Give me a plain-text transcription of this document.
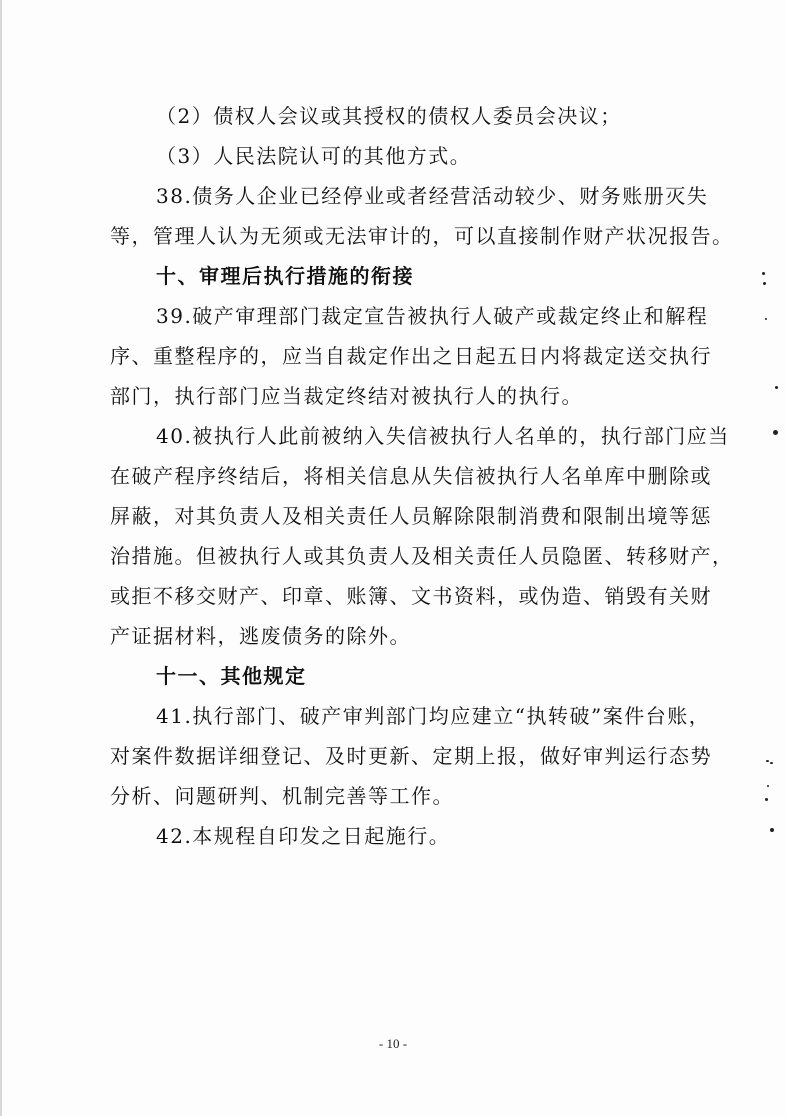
（2）债权人会议或其授权的债权人委员会决议；
（3）人民法院认可的其他方式。
38.债务人企业已经停业或者经营活动较少、财务账册灭失
等，管理人认为无须或无法审计的，可以直接制作财产状况报告。
十、审理后执行措施的衔接
39.破产审理部门裁定宣告被执行人破产或裁定终止和解程
序、重整程序的，应当自裁定作出之日起五日内将裁定送交执行
部门，执行部门应当裁定终结对被执行人的执行。
40.被执行人此前被纳入失信被执行人名单的，执行部门应当
在破产程序终结后，将相关信息从失信被执行人名单库中删除或
屏蔽，对其负责人及相关责任人员解除限制消费和限制出境等惩
治措施。但被执行人或其负责人及相关责任人员隐匿、转移财产，
或拒不移交财产、印章、账簿、文书资料，或伪造、销毁有关财
产证据材料，逃废债务的除外。
十一、其他规定
41.执行部门、破产审判部门均应建立“执转破”案件台账，
对案件数据详细登记、及时更新、定期上报，做好审判运行态势
分析、问题研判、机制完善等工作。
42.本规程自印发之日起施行。
- 10 -
